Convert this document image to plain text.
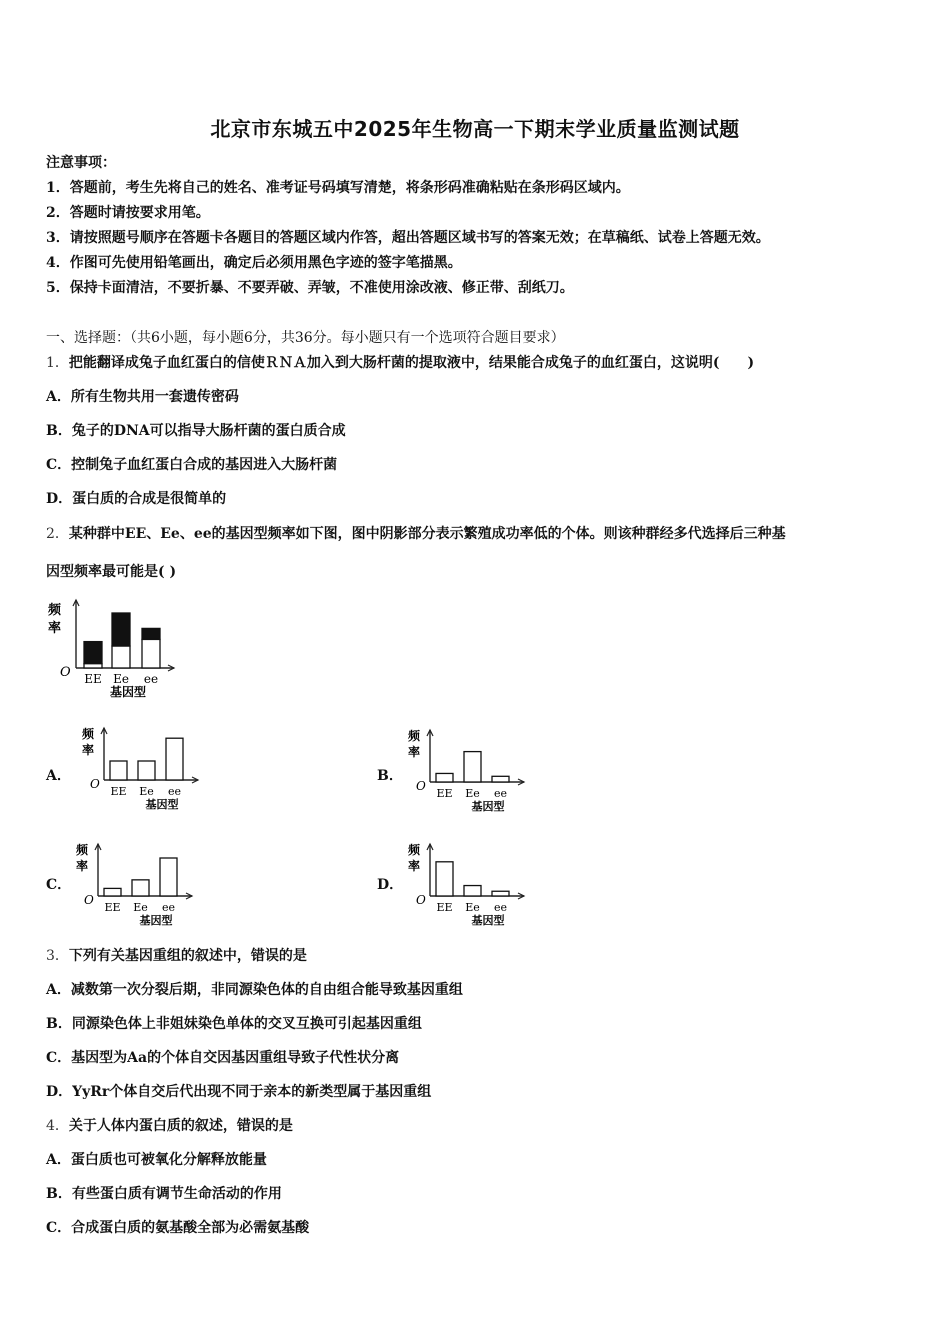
北京市东城五中2025年生物高一下期末学业质量监测试题
注意事项：
1．答题前，考生先将自己的姓名、准考证号码填写清楚，将条形码准确粘贴在条形码区域内。
2．答题时请按要求用笔。
3．请按照题号顺序在答题卡各题目的答题区域内作答，超出答题区域书写的答案无效；在草稿纸、试卷上答题无效。
4．作图可先使用铅笔画出，确定后必须用黑色字迹的签字笔描黑。
5．保持卡面清洁，不要折暴、不要弄破、弄皱，不准使用涂改液、修正带、刮纸刀。
一、选择题：（共6小题，每小题6分，共36分。每小题只有一个选项符合题目要求）
1．把能翻译成兔子血红蛋白的信使ＲＮＡ加入到大肠杆菌的提取液中，结果能合成兔子的血红蛋白，这说明(　　)
A．所有生物共用一套遗传密码
B．兔子的DNA可以指导大肠杆菌的蛋白质合成
C．控制兔子血红蛋白合成的基因进入大肠杆菌
D．蛋白质的合成是很简单的
2．某种群中EE、Ee、ee的基因型频率如下图，图中阴影部分表示繁殖成功率低的个体。则该种群经多代选择后三种基
因型频率最可能是( )
频
率
O EE Ee ee
基因型
A．
频
率
O
EE Ee ee
基因型
B．
频
率
O
EE Ee ee
基因型
C．
频
率
O
EE Ee ee
基因型
D．
频
率
O
EE Ee ee
基因型
3．下列有关基因重组的叙述中，错误的是
A．减数第一次分裂后期，非同源染色体的自由组合能导致基因重组
B．同源染色体上非姐妹染色单体的交叉互换可引起基因重组
C．基因型为Aa的个体自交因基因重组导致子代性状分离
D．YyRr个体自交后代出现不同于亲本的新类型属于基因重组
4．关于人体内蛋白质的叙述，错误的是
A．蛋白质也可被氧化分解释放能量
B．有些蛋白质有调节生命活动的作用
C．合成蛋白质的氨基酸全部为必需氨基酸
